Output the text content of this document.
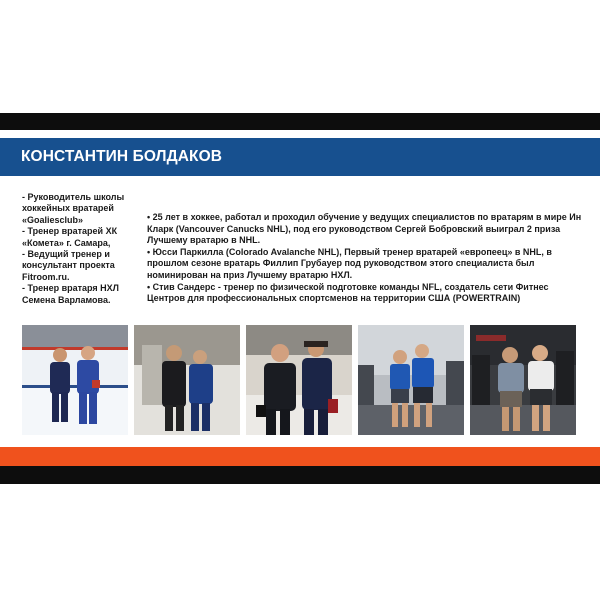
КОНСТАНТИН БОЛДАКОВ

- Руководитель школы хоккейных вратарей «Goaliesclub»

- Тренер вратарей ХК «Комета» г. Самара,

- Ведущий тренер и консультант проекта Fitroom.ru.

- Тренер вратаря НХЛ Семена Варламова.

• 25 лет в хоккее, работал и проходил обучение у ведущих специалистов по вратарям в мире Ин Кларк (Vancouver Canucks NHL), под его руководством Сергей Бобровский выиграл 2 приза Лучшему вратарю в NHL.

• Юсси Паркилла (Colorado Avalanche NHL), Первый тренер вратарей «европеец» в NHL, в прошлом сезоне вратарь Филлип Грубауер под руководством этого специалиста был номинирован на приз Лучшему вратарю НХЛ.

• Стив Сандерс - тренер по физической подготовке команды NFL, создатель сети Фитнес Центров для профессиональных спортсменов на территории США (POWERTRAIN)
